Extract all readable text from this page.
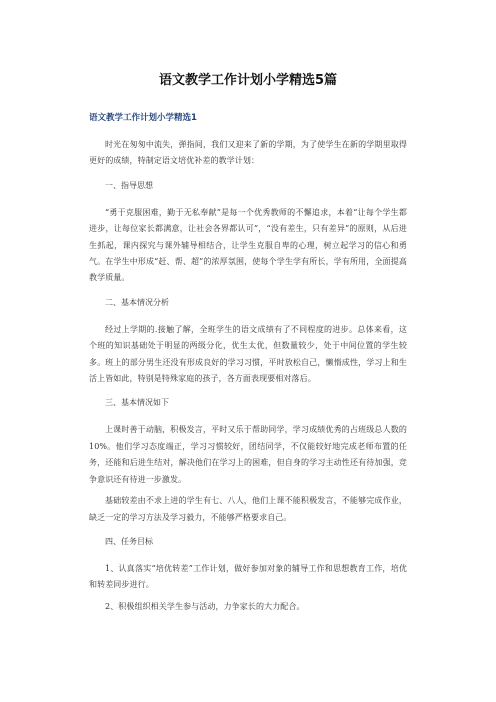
语文教学工作计划小学精选5篇

语文教学工作计划小学精选1

时光在匆匆中流失，弹指间，我们又迎来了新的学期，为了使学生在新的学期里取得更好的成绩，特制定语文培优补差的教学计划：

一、指导思想

“勇于克服困难，勤于无私奉献”是每一个优秀教师的不懈追求，本着“让每个学生都进步，让每位家长都满意，让社会各界都认可”，“没有差生，只有差异”的原则，从后进生抓起，课内探究与课外辅导相结合，让学生克服自卑的心理，树立起学习的信心和勇气。在学生中形成“赶、帮、超”的浓厚氛围，使每个学生学有所长，学有所用，全面提高教学质量。

二、基本情况分析

经过上学期的.接触了解，全班学生的语文成绩有了不同程度的进步。总体来看，这个班的知识基础处于明显的两级分化，优生太优，但数量较少，处于中间位置的学生较多。班上的部分男生还没有形成良好的学习习惯，平时放松自己，懒惰成性，学习上和生活上皆如此，特别是特殊家庭的孩子，各方面表现要相对落后。

三、基本情况如下

上课时善于动脑，积极发言，平时又乐于帮助同学，学习成绩优秀的占班级总人数的10%。他们学习态度端正，学习习惯较好，团结同学，不仅能较好地完成老师布置的任务，还能和后进生结对，解决他们在学习上的困难，但自身的学习主动性还有待加强，竞争意识还有待进一步激发。

基础较差由不求上进的学生有七、八人，他们上课不能积极发言，不能够完成作业，缺乏一定的学习方法及学习毅力，不能够严格要求自己。

四、任务目标

1、认真落实“培优转差”工作计划，做好参加对象的辅导工作和思想教育工作，培优和转差同步进行。

2、积极组织相关学生参与活动，力争家长的大力配合。
